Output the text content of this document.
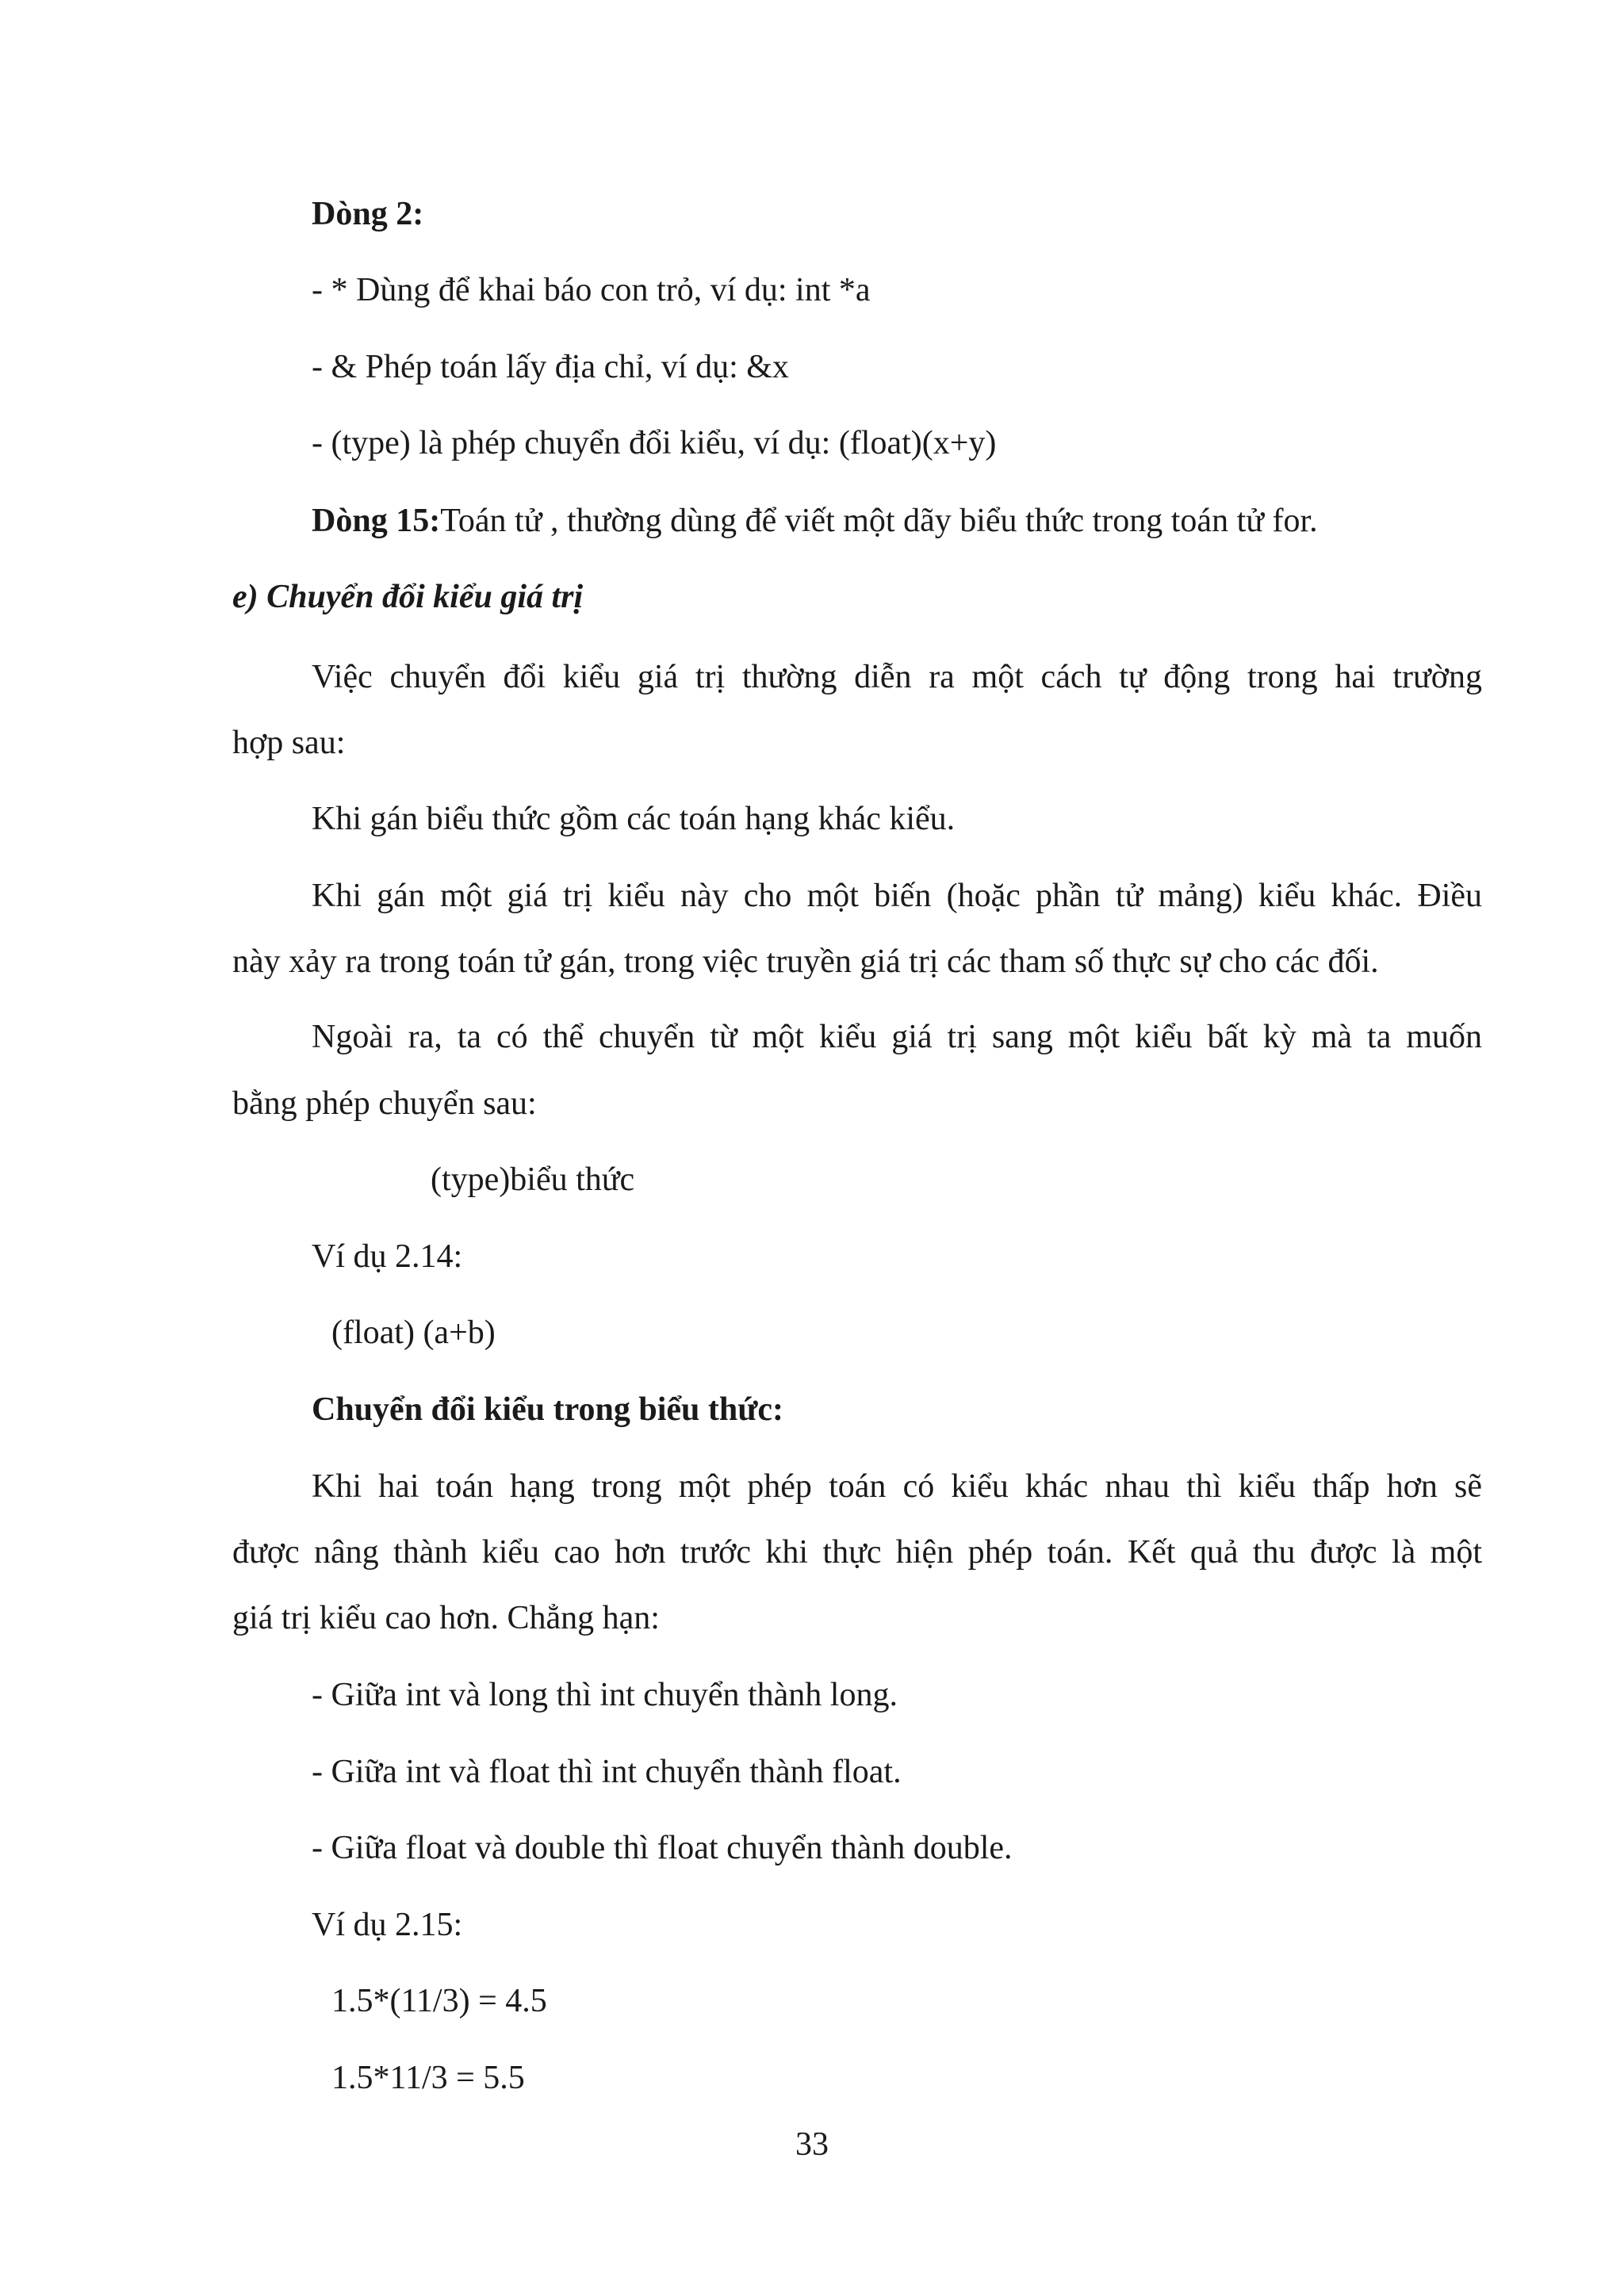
Dòng 2:
- * Dùng để khai báo con trỏ, ví dụ: int *a
- & Phép toán lấy địa chỉ, ví dụ: &x
- (type) là phép chuyển đổi kiểu, ví dụ: (float)(x+y)
Dòng 15:Toán tử , thường dùng để viết một dãy biểu thức trong toán tử for.
e) Chuyển đổi kiểu giá trị
Việc chuyển đổi kiểu giá trị thường diễn ra một cách tự động trong hai trường
hợp sau:
Khi gán biểu thức gồm các toán hạng khác kiểu.
Khi gán một giá trị kiểu này cho một biến (hoặc phần tử mảng) kiểu khác. Điều
này xảy ra trong toán tử gán, trong việc truyền giá trị các tham số thực sự cho các đối.
Ngoài ra, ta có thể chuyển từ một kiểu giá trị sang một kiểu bất kỳ mà ta muốn
bằng phép chuyển sau:
(type)biểu thức
Ví dụ 2.14:
(float) (a+b)
Chuyển đổi kiểu trong biểu thức:
Khi hai toán hạng trong một phép toán có kiểu khác nhau thì kiểu thấp hơn sẽ
được nâng thành kiểu cao hơn trước khi thực hiện phép toán. Kết quả thu được là một
giá trị kiểu cao hơn. Chẳng hạn:
- Giữa int và long thì int chuyển thành long.
- Giữa int và float thì int chuyển thành float.
- Giữa float và double thì float chuyển thành double.
Ví dụ 2.15:
1.5*(11/3) = 4.5
1.5*11/3 = 5.5
33
